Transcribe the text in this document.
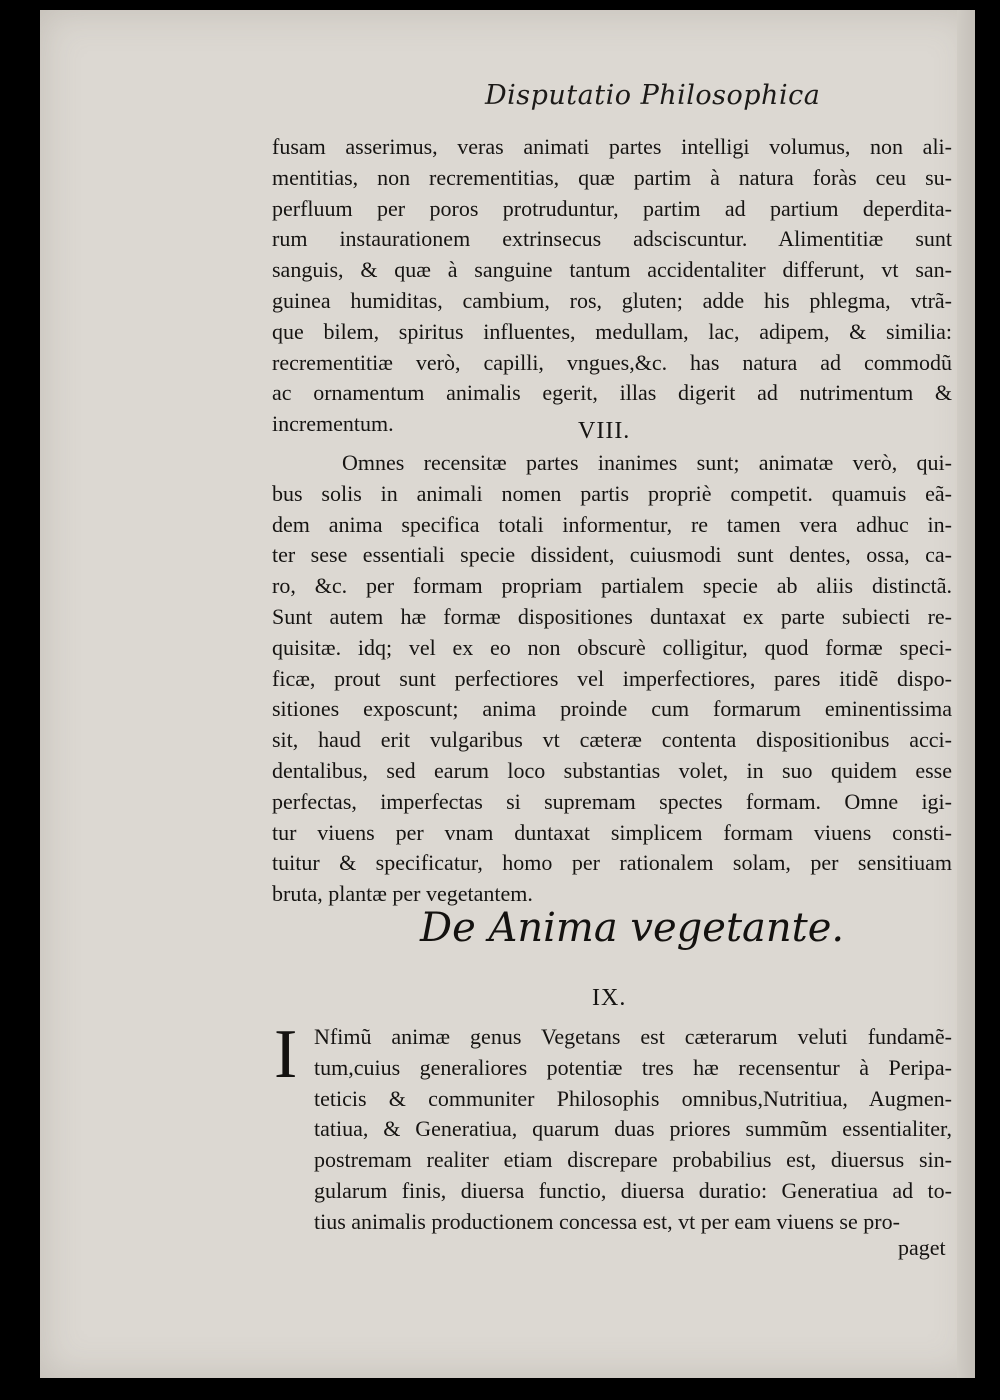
Disputatio Philosophica
fusam asserimus, veras animati partes intelligi volumus, non ali-
mentitias, non recrementitias, quæ partim à natura foràs ceu su-
perfluum per poros protruduntur, partim ad partium deperdita-
rum instaurationem extrinsecus adsciscuntur. Alimentitiæ sunt
sanguis, & quæ à sanguine tantum accidentaliter differunt, vt san-
guinea humiditas, cambium, ros, gluten; adde his phlegma, vtrã-
que bilem, spiritus influentes, medullam, lac, adipem, & similia:
recrementitiæ verò, capilli, vngues,&c. has natura ad commodũ
ac ornamentum animalis egerit, illas digerit ad nutrimentum &
incrementum.	VIII.
Omnes recensitæ partes inanimes sunt; animatæ verò, qui-
bus solis in animali nomen partis propriè competit. quamuis eã-
dem anima specifica totali informentur, re tamen vera adhuc in-
ter sese essentiali specie dissident, cuiusmodi sunt dentes, ossa, ca-
ro, &c. per formam propriam partialem specie ab aliis distinctã.
Sunt autem hæ formæ dispositiones duntaxat ex parte subiecti re-
quisitæ. idq; vel ex eo non obscurè colligitur, quod formæ speci-
ficæ, prout sunt perfectiores vel imperfectiores, pares itidẽ dispo-
sitiones exposcunt; anima proinde cum formarum eminentissima
sit, haud erit vulgaribus vt cæteræ contenta dispositionibus acci-
dentalibus, sed earum loco substantias volet, in suo quidem esse
perfectas, imperfectas si supremam spectes formam. Omne igi-
tur viuens per vnam duntaxat simplicem formam viuens consti-
tuitur & specificatur, homo per rationalem solam, per sensitiuam
bruta, plantæ per vegetantem.
De Anima vegetante.
IX.
I Nfimũ animæ genus Vegetans est cæterarum veluti fundamẽ-
tum,cuius generaliores potentiæ tres hæ recensentur à Peripa-
teticis & communiter Philosophis omnibus,Nutritiua, Augmen-
tatiua, & Generatiua, quarum duas priores summũm essentialiter,
postremam realiter etiam discrepare probabilius est, diuersus sin-
gularum finis, diuersa functio, diuersa duratio: Generatiua ad to-
tius animalis productionem concessa est, vt per eam viuens se pro-
paget
